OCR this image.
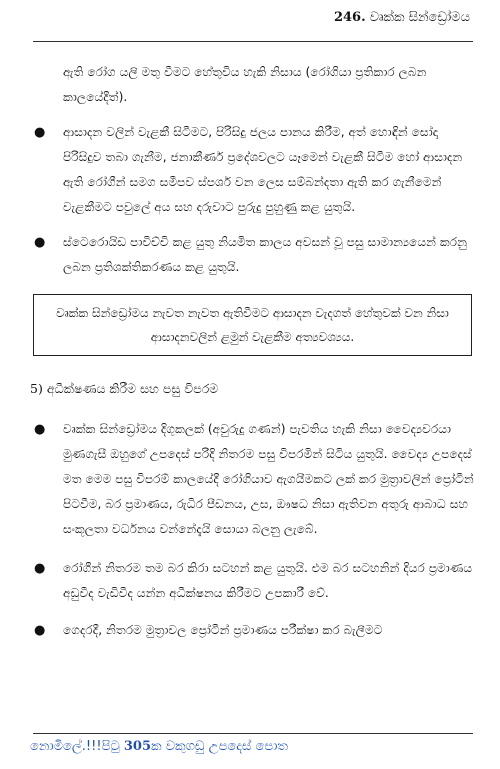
246. වෘක්ක සින්ඩ්‍රෝමය
ඇති රෝග යලි මතු වීමට හේතුවිය හැකි නිසාය (රෝගියා ප්‍රතිකාර ලබන කාලයේදීත්).
● ආසාදන වලින් වැළකී සිටීමට, පිරිසිදු ජලය පානය කිරීම, අත් හොඳින් සෝදා පිරිසිදුව තබා ගැනීම, ජනාකීර්ණ ප්‍රදේශවලට යෑමෙන් වැළකී සිටීම හෝ ආසාදන ඇති රෝගීන් සමග සමීපව ස්පර්ශ වන ලෙස සම්බන්දතා ඇති කර ගැනීමෙන් වැළකීමට පවුලේ අය සහ දරුවාට පුරුදු පුහුණු කළ යුතුයි.
● ස්ටෙරොයිඩ පාවිච්චි කළ යුතු නියමිත කාලය අවසන් වූ පසු සාමාන්‍යයෙන් කරනු ලබන ප්‍රතිශක්තිකරණය කළ යුතුයි.
වෘක්ක සින්ඩ්‍රෝමය නැවත නැවත ඇතිවීමට ආසාදන වැදගත් හේතුවක් වන නිසා ආසාදනවලින් ළමුන් වැළකීම අත්‍යවශ්‍යය.
5) අධීක්ෂණය කිරීම සහ පසු විපරම
● වෘක්ක සින්ඩ්‍රෝමය දිගුකලක් (අවුරුදු ගණන්) පැවතිය හැකි නිසා වෛද්‍යවරයා මුණගැසී ඔහුගේ උපදෙස් පරිදි නිතරම පසු විපරමින් සිටිය යුතුයි. වෛද්‍ය උපදෙස් මත මෙම පසු විපරම් කාලයේදී රෝගියාව ඇගයීමකට ලක් කර මුත්‍රාවලින් ප්‍රෝටීන් පිටවීම, බර ප්‍රමාණය, රුධිර පීඩනය, උස, ඖෂධ නිසා ඇතිවන අතුරු ආබාධ සහ සංකූලතා වර්ධනය වන්නේදැයි සොයා බලනු ලැබේ.
● රෝගීන් නිතරම තම බර කිරා සටහන් කළ යුතුයි. එම බර සටහනින් දියර ප්‍රමාණය අඩුවීද වැඩිවීද යන්න අධීක්ෂනය කිරීමට උපකාරී වේ.
● ගෙදරදී, නිතරම මුත්‍රාවල ප්‍රෝටීන් ප්‍රමාණය පරීක්ෂා කර බැලීමට
නොමිලේ.!!!පිටු 305ක වකුගඩු උපදෙස් පොත
